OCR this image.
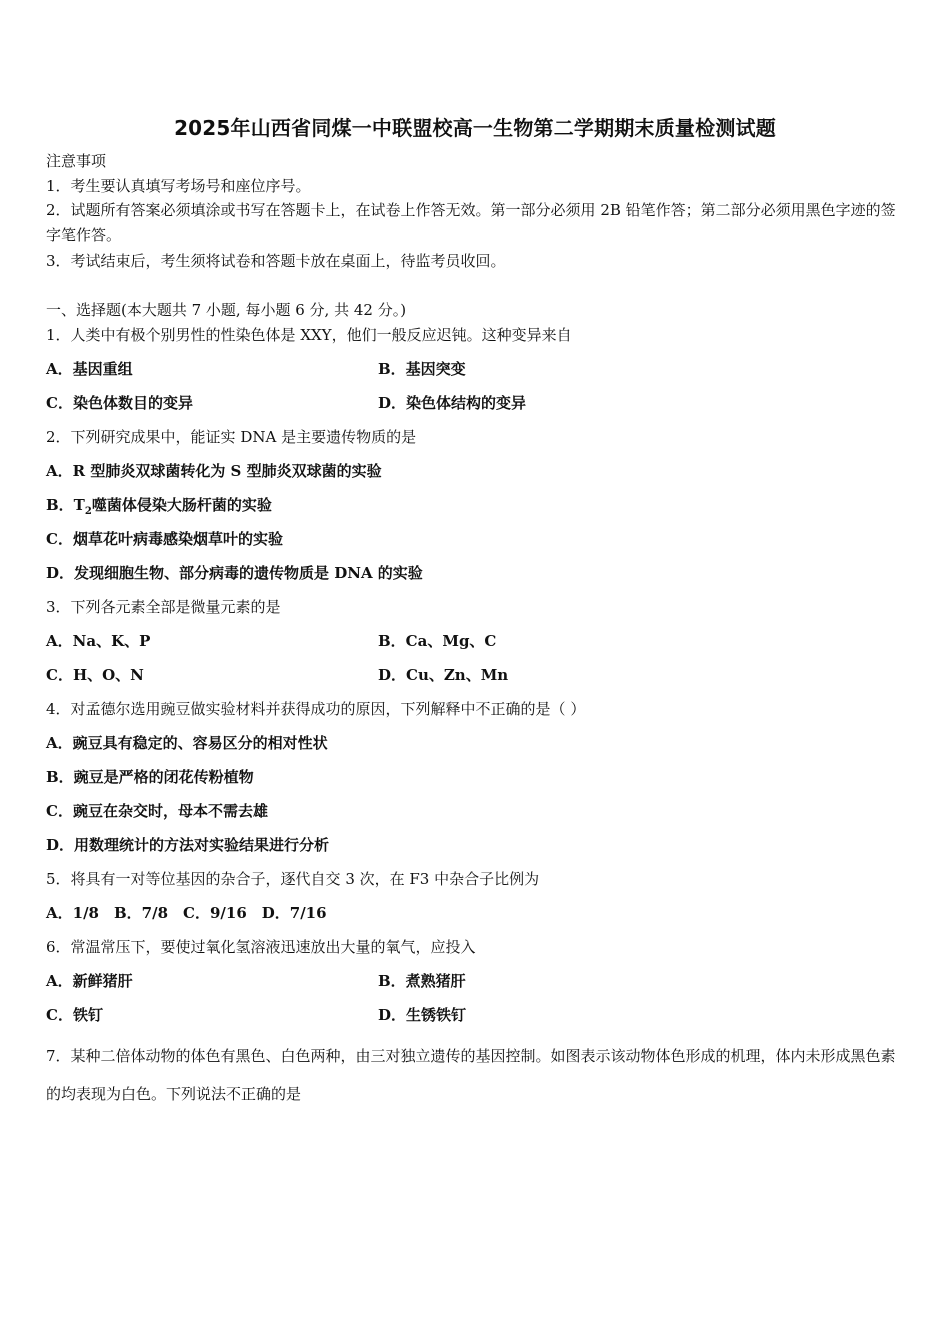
2025年山西省同煤一中联盟校高一生物第二学期期末质量检测试题
注意事项
1．考生要认真填写考场号和座位序号。
2．试题所有答案必须填涂或书写在答题卡上，在试卷上作答无效。第一部分必须用 2B 铅笔作答；第二部分必须用黑色字迹的签字笔作答。
3．考试结束后，考生须将试卷和答题卡放在桌面上，待监考员收回。
一、选择题(本大题共 7 小题, 每小题 6 分, 共 42 分。)
1．人类中有极个别男性的性染色体是 XXY，他们一般反应迟钝。这种变异来自
A．基因重组	B．基因突变
C．染色体数目的变异	D．染色体结构的变异
2．下列研究成果中，能证实 DNA 是主要遗传物质的是
A．R 型肺炎双球菌转化为 S 型肺炎双球菌的实验
B．$T_2$噬菌体侵染大肠杆菌的实验
C．烟草花叶病毒感染烟草叶的实验
D．发现细胞生物、部分病毒的遗传物质是 DNA 的实验
3．下列各元素全部是微量元素的是
A．Na、K、P	B．Ca、Mg、C
C．H、O、N	D．Cu、Zn、Mn
4．对孟德尔选用豌豆做实验材料并获得成功的原因，下列解释中不正确的是（ ）
A．豌豆具有稳定的、容易区分的相对性状
B．豌豆是严格的闭花传粉植物
C．豌豆在杂交时，母本不需去雄
D．用数理统计的方法对实验结果进行分析
5．将具有一对等位基因的杂合子，逐代自交 3 次，在 F3 中杂合子比例为
A．1/8　B．7/8　C．9/16　D．7/16
6．常温常压下，要使过氧化氢溶液迅速放出大量的氧气，应投入
A．新鲜猪肝	B．煮熟猪肝
C．铁钉	D．生锈铁钉
7．某种二倍体动物的体色有黑色、白色两种，由三对独立遗传的基因控制。如图表示该动物体色形成的机理，体内未形成黑色素的均表现为白色。下列说法不正确的是
